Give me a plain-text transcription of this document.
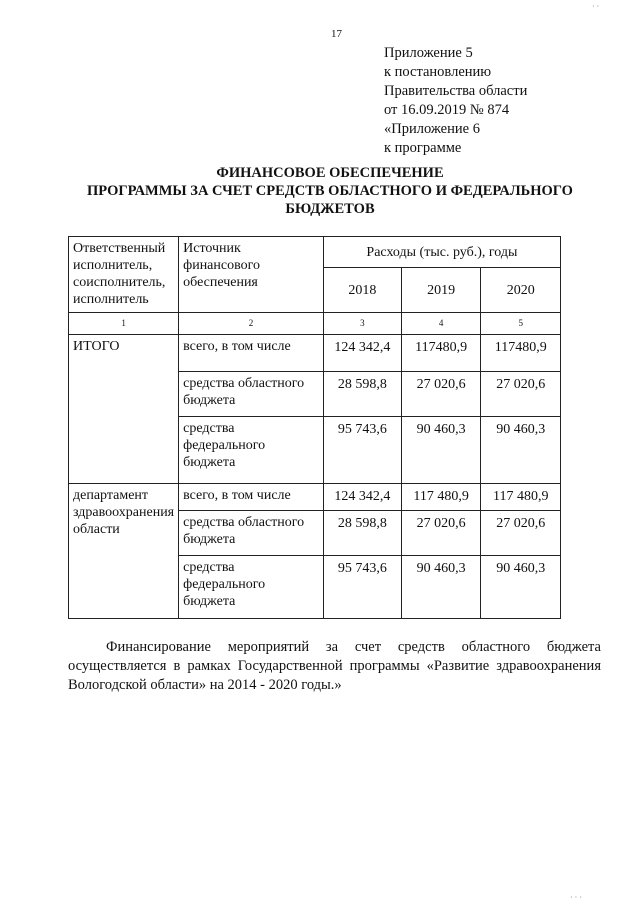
17
Приложение 5
к постановлению
Правительства области
от 16.09.2019 № 874
«Приложение 6
к программе
ФИНАНСОВОЕ ОБЕСПЕЧЕНИЕ
ПРОГРАММЫ ЗА СЧЕТ СРЕДСТВ ОБЛАСТНОГО И ФЕДЕРАЛЬНОГО
БЮДЖЕТОВ
Ответственный исполнитель, соисполнитель, исполнитель	Источник финансового обеспечения	Расходы (тыс. руб.), годы		
		2018	2019	2020
1	2	3	4	5
ИТОГО	всего, в том числе	124 342,4	117480,9	117480,9
	средства областного бюджета	28 598,8	27 020,6	27 020,6
	средства федерального бюджета	95 743,6	90 460,3	90 460,3
департамент здравоохранения области	всего, в том числе	124 342,4	117 480,9	117 480,9
	средства областного бюджета	28 598,8	27 020,6	27 020,6
	средства федерального бюджета	95 743,6	90 460,3	90 460,3
Финансирование мероприятий за счет средств областного бюджета осуществляется в рамках Государственной программы «Развитие здравоохранения Вологодской области» на 2014 - 2020 годы.»
· ·
· · ·
